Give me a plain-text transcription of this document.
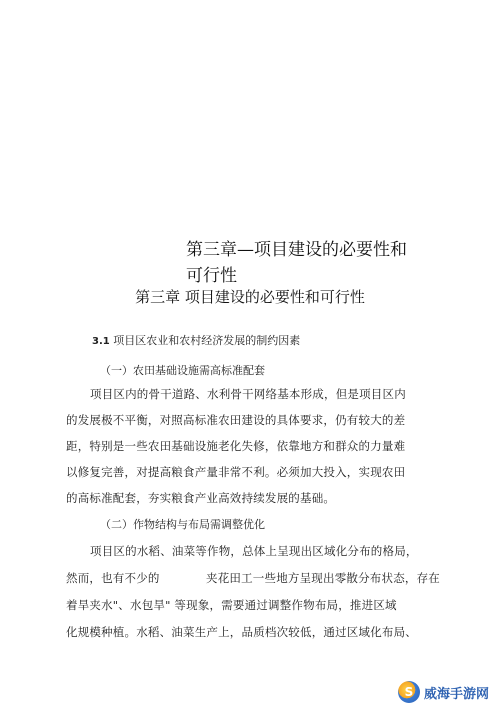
第三章—项目建设的必要性和
可行性
第三章 项目建设的必要性和可行性
3.1 项目区农业和农村经济发展的制约因素
（一）农田基础设施需高标准配套
项目区内的骨干道路、水利骨干网络基本形成，但是项目区内
的发展极不平衡，对照高标准农田建设的具体要求，仍有较大的差
距，特别是一些农田基础设施老化失修，依靠地方和群众的力量难
以修复完善，对提高粮食产量非常不利。必须加大投入，实现农田
的高标准配套，夯实粮食产业高效持续发展的基础。
（二）作物结构与布局需调整优化
项目区的水稻、油菜等作物，总体上呈现出区域化分布的格局，
然而，也有不少的	夹花田工一些地方呈现出零散分布状态，存在
着旱夹水"、水包旱" 等现象，需要通过调整作物布局，推进区域
化规模种植。水稻、油菜生产上，品质档次较低，通过区域化布局、
S 威海手游网
